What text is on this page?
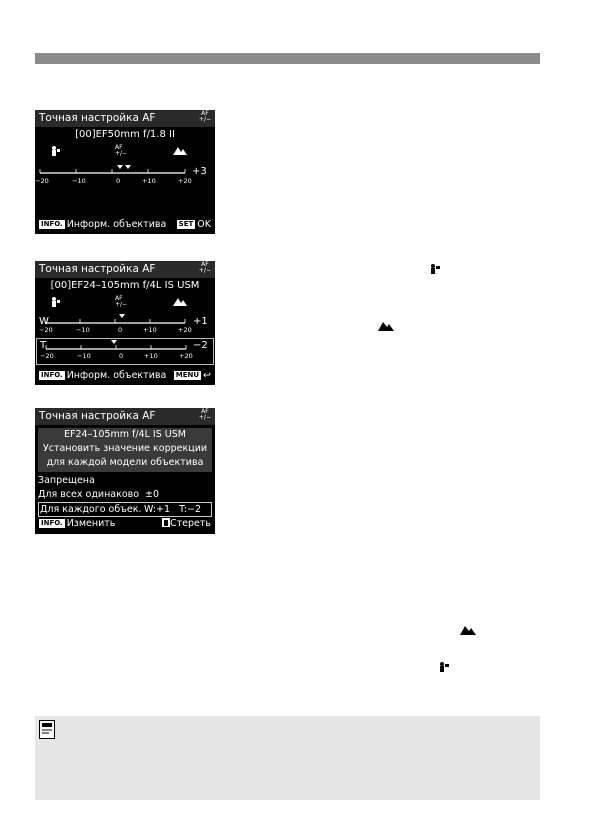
Точная настройка AF	AF
+/−
[00]EF50mm f/1.8 II
AF
+/−
−20	−10	0	+10	+20
+3
INFO. Информ. объектива SET OK
Точная настройка AF	AF
+/−
[00]EF24–105mm f/4L IS USM
AF
+/−
W	+1
−20	−10	0	+10	+20
T	−2
−20	−10	0	+10	+20
INFO. Информ. объектива MENU ↩
Точная настройка AF	AF
+/−
EF24–105mm f/4L IS USM
Установить значение коррекции
для каждой модели объектива
Запрещена
Для всех одинаково ±0
Для каждого объек. W:+1   T:−2
INFO. Изменить	Стереть
